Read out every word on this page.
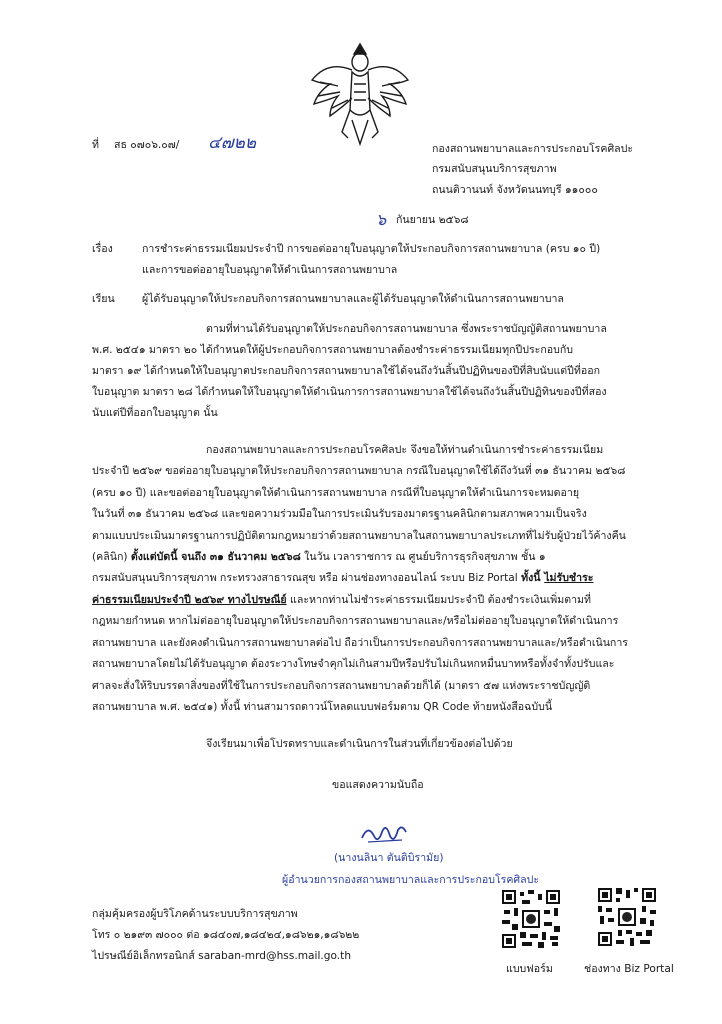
ที่ สธ ๐๗๐๖.๐๗/ ๔๗๒๒	กองสถานพยาบาลและการประกอบโรคศิลปะ
กรมสนับสนุนบริการสุขภาพ
ถนนติวานนท์ จังหวัดนนทบุรี ๑๑๐๐๐
๖ กันยายน ๒๕๖๘
เรื่อง	การชำระค่าธรรมเนียมประจำปี การขอต่ออายุใบอนุญาตให้ประกอบกิจการสถานพยาบาล (ครบ ๑๐ ปี)
และการขอต่ออายุใบอนุญาตให้ดำเนินการสถานพยาบาล
เรียน	ผู้ได้รับอนุญาตให้ประกอบกิจการสถานพยาบาลและผู้ได้รับอนุญาตให้ดำเนินการสถานพยาบาล
ตามที่ท่านได้รับอนุญาตให้ประกอบกิจการสถานพยาบาล ซึ่งพระราชบัญญัติสถานพยาบาล
พ.ศ. ๒๕๔๑ มาตรา ๒๐ ได้กำหนดให้ผู้ประกอบกิจการสถานพยาบาลต้องชำระค่าธรรมเนียมทุกปีประกอบกับ
มาตรา ๑๙ ได้กำหนดให้ใบอนุญาตประกอบกิจการสถานพยาบาลใช้ได้จนถึงวันสิ้นปีปฏิทินของปีที่สิบนับแต่ปีที่ออก
ใบอนุญาต มาตรา ๒๘ ได้กำหนดให้ใบอนุญาตให้ดำเนินการการสถานพยาบาลใช้ได้จนถึงวันสิ้นปีปฏิทินของปีที่สอง
นับแต่ปีที่ออกใบอนุญาต นั้น
กองสถานพยาบาลและการประกอบโรคศิลปะ จึงขอให้ท่านดำเนินการชำระค่าธรรมเนียม
ประจำปี ๒๕๖๙ ขอต่ออายุใบอนุญาตให้ประกอบกิจการสถานพยาบาล กรณีใบอนุญาตใช้ได้ถึงวันที่ ๓๑ ธันวาคม ๒๕๖๘
(ครบ ๑๐ ปี) และขอต่ออายุใบอนุญาตให้ดำเนินการสถานพยาบาล กรณีที่ใบอนุญาตให้ดำเนินการจะหมดอายุ
ในวันที่ ๓๑ ธันวาคม ๒๕๖๘ และขอความร่วมมือในการประเมินรับรองมาตรฐานคลินิกตามสภาพความเป็นจริง
ตามแบบประเมินมาตรฐานการปฏิบัติตามกฎหมายว่าด้วยสถานพยาบาลในสถานพยาบาลประเภทที่ไม่รับผู้ป่วยไว้ค้างคืน
(คลินิก) ตั้งแต่บัดนี้ จนถึง ๓๑ ธันวาคม ๒๕๖๘ ในวัน เวลาราชการ ณ ศูนย์บริการธุรกิจสุขภาพ ชั้น ๑
กรมสนับสนุนบริการสุขภาพ กระทรวงสาธารณสุข หรือ ผ่านช่องทางออนไลน์ ระบบ Biz Portal ทั้งนี้ ไม่รับชำระ
ค่าธรรมเนียมประจำปี ๒๕๖๙ ทางไปรษณีย์ และหากท่านไม่ชำระค่าธรรมเนียมประจำปี ต้องชำระเงินเพิ่มตามที่
กฎหมายกำหนด หากไม่ต่ออายุใบอนุญาตให้ประกอบกิจการสถานพยาบาลและ/หรือไม่ต่ออายุใบอนุญาตให้ดำเนินการ
สถานพยาบาล และยังคงดำเนินการสถานพยาบาลต่อไป ถือว่าเป็นการประกอบกิจการสถานพยาบาลและ/หรือดำเนินการ
สถานพยาบาลโดยไม่ได้รับอนุญาต ต้องระวางโทษจำคุกไม่เกินสามปีหรือปรับไม่เกินหกหมื่นบาทหรือทั้งจำทั้งปรับและ
ศาลจะสั่งให้ริบบรรดาสิ่งของที่ใช้ในการประกอบกิจการสถานพยาบาลด้วยก็ได้ (มาตรา ๕๗ แห่งพระราชบัญญัติ
สถานพยาบาล พ.ศ. ๒๕๔๑) ทั้งนี้ ท่านสามารถดาวน์โหลดแบบฟอร์มตาม QR Code ท้ายหนังสือฉบับนี้
จึงเรียนมาเพื่อโปรดทราบและดำเนินการในส่วนที่เกี่ยวข้องต่อไปด้วย
ขอแสดงความนับถือ
(นางนลินา ตันติบิรามัย)
ผู้อำนวยการกองสถานพยาบาลและการประกอบโรคศิลปะ
กลุ่มคุ้มครองผู้บริโภคด้านระบบบริการสุขภาพ
โทร ๐ ๒๑๙๓ ๗๐๐๐ ต่อ ๑๘๔๐๗,๑๘๔๒๔,๑๘๖๒๑,๑๘๖๒๒
ไปรษณีย์อิเล็กทรอนิกส์ saraban-mrd@hss.mail.go.th
แบบฟอร์ม	ช่องทาง Biz Portal
